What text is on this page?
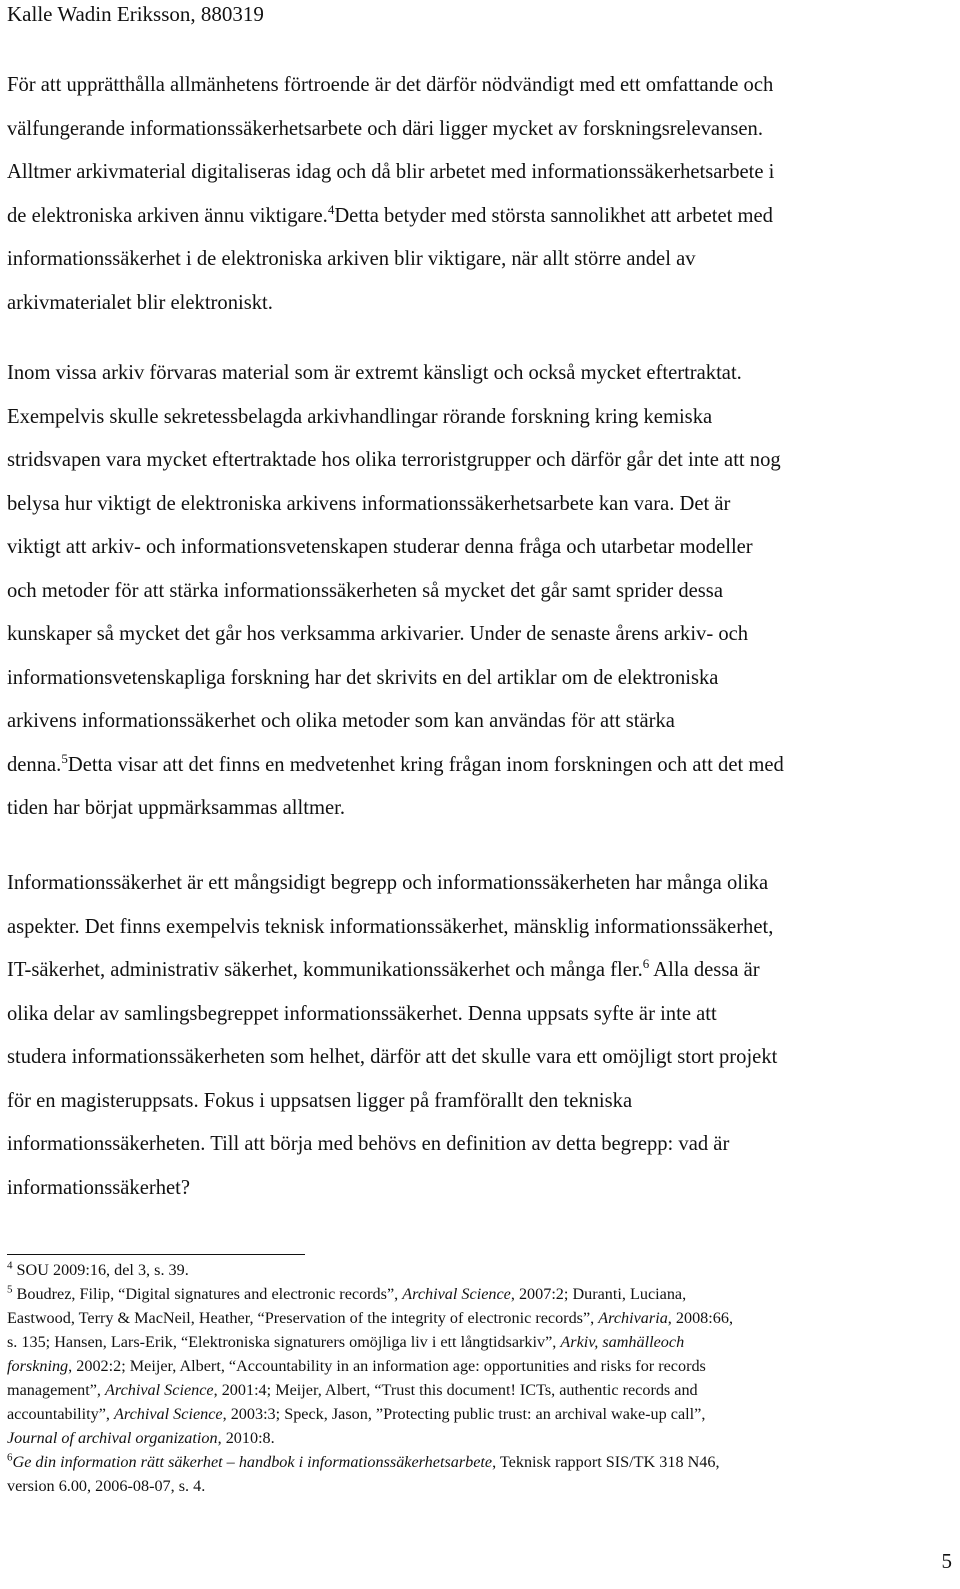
Kalle Wadin Eriksson, 880319

För att upprätthålla allmänhetens förtroende är det därför nödvändigt med ett omfattande och
välfungerande informationssäkerhetsarbete och däri ligger mycket av forskningsrelevansen.
Alltmer arkivmaterial digitaliseras idag och då blir arbetet med informationssäkerhetsarbete i
de elektroniska arkiven ännu viktigare.$^4$Detta betyder med största sannolikhet att arbetet med
informationssäkerhet i de elektroniska arkiven blir viktigare, när allt större andel av
arkivmaterialet blir elektroniskt.

Inom vissa arkiv förvaras material som är extremt känsligt och också mycket eftertraktat.
Exempelvis skulle sekretessbelagda arkivhandlingar rörande forskning kring kemiska
stridsvapen vara mycket eftertraktade hos olika terroristgrupper och därför går det inte att nog
belysa hur viktigt de elektroniska arkivens informationssäkerhetsarbete kan vara. Det är
viktigt att arkiv- och informationsvetenskapen studerar denna fråga och utarbetar modeller
och metoder för att stärka informationssäkerheten så mycket det går samt sprider dessa
kunskaper så mycket det går hos verksamma arkivarier. Under de senaste årens arkiv- och
informationsvetenskapliga forskning har det skrivits en del artiklar om de elektroniska
arkivens informationssäkerhet och olika metoder som kan användas för att stärka
denna.$^5$Detta visar att det finns en medvetenhet kring frågan inom forskningen och att det med
tiden har börjat uppmärksammas alltmer.

Informationssäkerhet är ett mångsidigt begrepp och informationssäkerheten har många olika
aspekter. Det finns exempelvis teknisk informationssäkerhet, mänsklig informationssäkerhet,
IT-säkerhet, administrativ säkerhet, kommunikationssäkerhet och många fler.$^6$ Alla dessa är
olika delar av samlingsbegreppet informationssäkerhet. Denna uppsats syfte är inte att
studera informationssäkerheten som helhet, därför att det skulle vara ett omöjligt stort projekt
för en magisteruppsats. Fokus i uppsatsen ligger på framförallt den tekniska
informationssäkerheten. Till att börja med behövs en definition av detta begrepp: vad är
informationssäkerhet?

$^4$ SOU 2009:16, del 3, s. 39.
$^5$ Boudrez, Filip, “Digital signatures and electronic records”, Archival Science, 2007:2; Duranti, Luciana,
Eastwood, Terry & MacNeil, Heather, “Preservation of the integrity of electronic records”, Archivaria, 2008:66,
s. 135; Hansen, Lars-Erik, “Elektroniska signaturers omöjliga liv i ett långtidsarkiv”, Arkiv, samhälleoch
forskning, 2002:2; Meijer, Albert, “Accountability in an information age: opportunities and risks for records
management”, Archival Science, 2001:4; Meijer, Albert, “Trust this document! ICTs, authentic records and
accountability”, Archival Science, 2003:3; Speck, Jason, ”Protecting public trust: an archival wake-up call”,
Journal of archival organization, 2010:8.
$^6$Ge din information rätt säkerhet – handbok i informationssäkerhetsarbete, Teknisk rapport SIS/TK 318 N46,
version 6.00, 2006-08-07, s. 4.
5
